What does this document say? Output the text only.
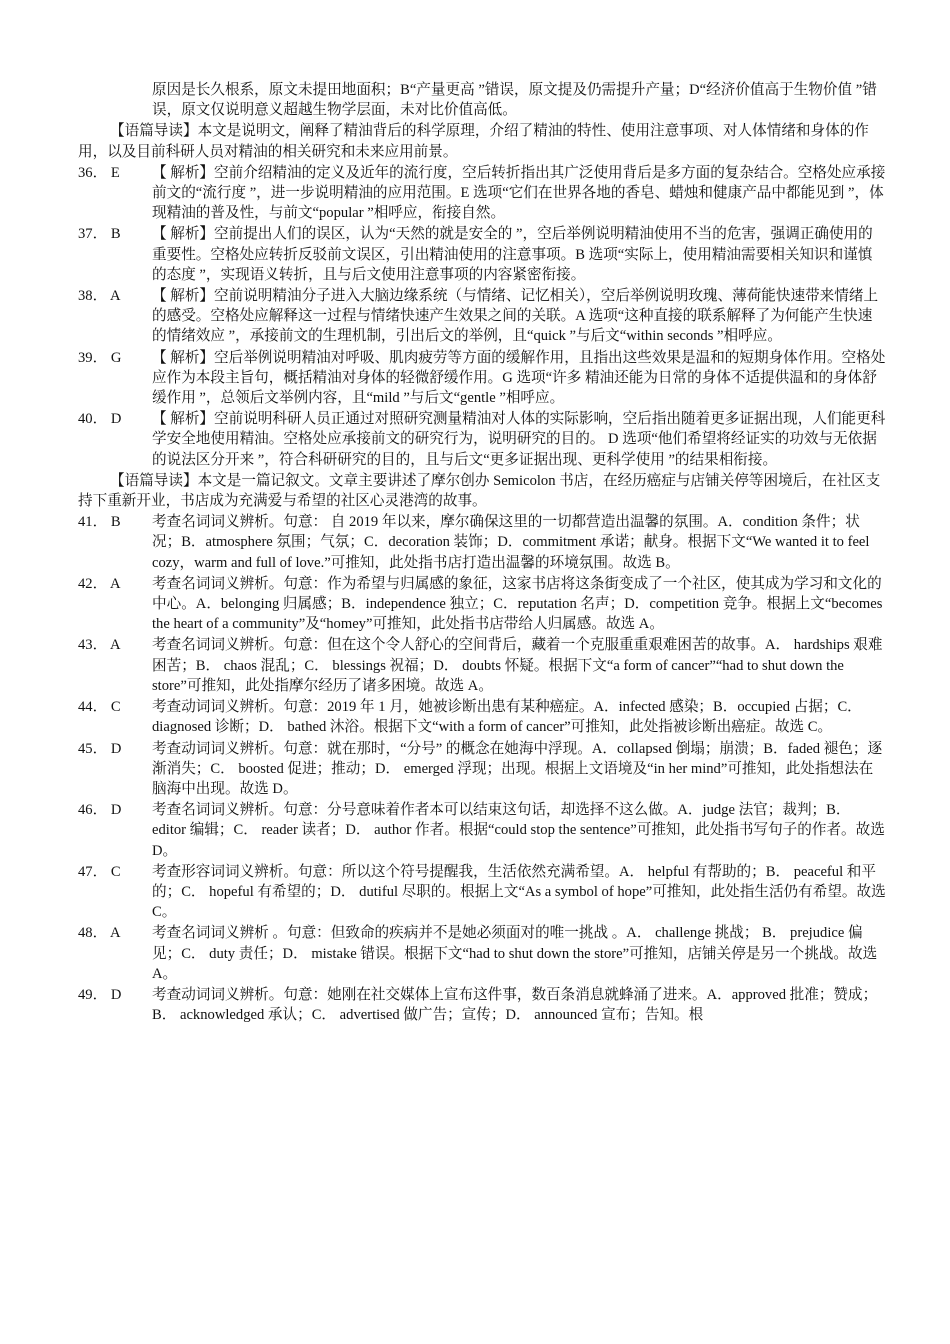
原因是长久根系，原文未提田地面积；B“产量更高 ”错误，原文提及仍需提升产量；D“经济价值高于生物价值 ”错误，原文仅说明意义超越生物学层面，未对比价值高低。

【语篇导读】本文是说明文，阐释了精油背后的科学原理，介绍了精油的特性、使用注意事项、对人体情绪和身体的作用，以及目前科研人员对精油的相关研究和未来应用前景。

36． E	【 解析】空前介绍精油的定义及近年的流行度，空后转折指出其广泛使用背后是多方面的复杂结合。空格处应承接前文的“流行度 ”，进一步说明精油的应用范围。E 选项“它们在世界各地的香皂、蜡烛和健康产品中都能见到 ”，体现精油的普及性，与前文“popular ”相呼应，衔接自然。
37． B	【 解析】空前提出人们的误区，认为“天然的就是安全的 ”，空后举例说明精油使用不当的危害，强调正确使用的重要性。空格处应转折反驳前文误区，引出精油使用的注意事项。B 选项“实际上，使用精油需要相关知识和谨慎的态度 ”，实现语义转折，且与后文使用注意事项的内容紧密衔接。
38． A	【 解析】空前说明精油分子进入大脑边缘系统（与情绪、记忆相关），空后举例说明玫瑰、薄荷能快速带来情绪上的感受。空格处应解释这一过程与情绪快速产生效果之间的关联。A 选项“这种直接的联系解释了为何能产生快速的情绪效应 ”，承接前文的生理机制，引出后文的举例，且“quick ”与后文“within seconds ”相呼应。
39． G	【 解析】空后举例说明精油对呼吸、肌肉疲劳等方面的缓解作用，且指出这些效果是温和的短期身体作用。空格处应作为本段主旨句，概括精油对身体的轻微舒缓作用。G 选项“许多 精油还能为日常的身体不适提供温和的身体舒缓作用 ”，总领后文举例内容，且“mild ”与后文“gentle ”相呼应。
40． D	【 解析】空前说明科研人员正通过对照研究测量精油对人体的实际影响，空后指出随着更多证据出现，人们能更科学安全地使用精油。空格处应承接前文的研究行为，说明研究的目的。 D 选项“他们希望将经证实的功效与无依据的说法区分开来 ”，符合科研研究的目的，且与后文“更多证据出现、更科学使用 ”的结果相衔接。

【语篇导读】本文是一篇记叙文。文章主要讲述了摩尔创办 Semicolon 书店，在经历癌症与店铺关停等困境后，在社区支持下重新开业，书店成为充满爱与希望的社区心灵港湾的故事。

41． B	考查名词词义辨析。句意： 自 2019 年以来，摩尔确保这里的一切都营造出温馨的氛围。A．condition 条件；状况；B．atmosphere 氛围；气氛；C．decoration 装饰；D．commitment 承诺；献身。根据下文“We wanted it to feel cozy，warm and full of love.”可推知，此处指书店打造出温馨的环境氛围。故选 B。
42． A	考查名词词义辨析。句意：作为希望与归属感的象征，这家书店将这条街变成了一个社区，使其成为学习和文化的中心。A．belonging 归属感；B．independence 独立；C．reputation 名声；D．competition 竞争。根据上文“becomes the heart of a community”及“homey”可推知，此处指书店带给人归属感。故选 A。
43． A	考查名词词义辨析。句意：但在这个令人舒心的空间背后，藏着一个克服重重艰难困苦的故事。A． hardships 艰难困苦；B． chaos 混乱；C． blessings 祝福；D． doubts 怀疑。根据下文“a form of cancer”“had to shut down the store”可推知，此处指摩尔经历了诸多困境。故选 A。
44． C	考查动词词义辨析。句意：2019 年 1 月，她被诊断出患有某种癌症。A．infected 感染；B．occupied 占据；C． diagnosed 诊断；D． bathed 沐浴。根据下文“with a form of cancer”可推知，此处指被诊断出癌症。故选 C。
45． D	考查动词词义辨析。句意：就在那时，“分号” 的概念在她海中浮现。A．collapsed 倒塌；崩溃；B．faded 褪色；逐渐消失；C． boosted 促进；推动；D． emerged 浮现；出现。根据上文语境及“in her mind”可推知，此处指想法在脑海中出现。故选 D。
46． D	考查名词词义辨析。句意：分号意味着作者本可以结束这句话，却选择不这么做。A．judge 法官；裁判；B． editor 编辑；C． reader 读者；D． author 作者。根据“could stop the sentence”可推知，此处指书写句子的作者。故选 D。
47． C	考查形容词词义辨析。句意：所以这个符号提醒我，生活依然充满希望。A． helpful 有帮助的；B． peaceful 和平的；C． hopeful 有希望的；D． dutiful 尽职的。根据上文“As a symbol of hope”可推知，此处指生活仍有希望。故选 C。
48． A	考查名词词义辨析 。句意：但致命的疾病并不是她必须面对的唯一挑战 。A． challenge 挑战； B． prejudice 偏见；C． duty 责任；D． mistake 错误。根据下文“had to shut down the store”可推知，店铺关停是另一个挑战。故选 A。
49． D	考查动词词义辨析。句意：她刚在社交媒体上宣布这件事，数百条消息就蜂涌了进来。A．approved 批准；赞成；B． acknowledged 承认；C． advertised 做广告；宣传；D． announced 宣布；告知。根
